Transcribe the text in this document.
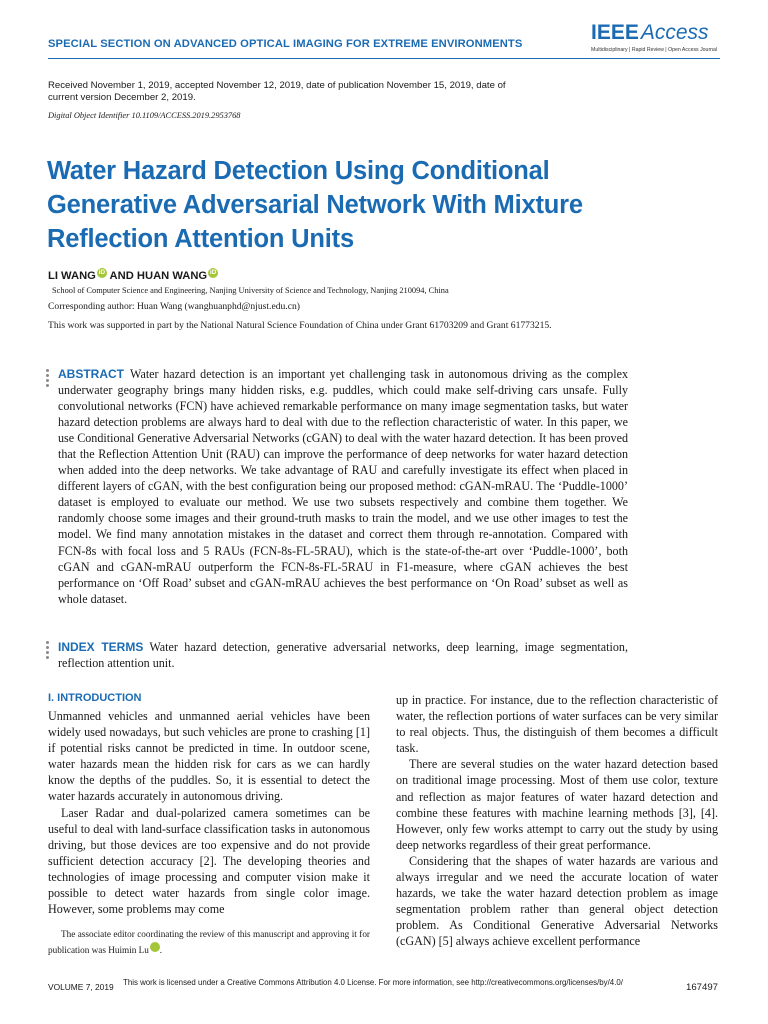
SPECIAL SECTION ON ADVANCED OPTICAL IMAGING FOR EXTREME ENVIRONMENTS	IEEEAccess
Multidisciplinary | Rapid Review | Open Access Journal
Received November 1, 2019, accepted November 12, 2019, date of publication November 15, 2019, date of current version December 2, 2019.
Digital Object Identifier 10.1109/ACCESS.2019.2953768
Water Hazard Detection Using Conditional Generative Adversarial Network With Mixture Reflection Attention Units
LI WANG iD AND HUAN WANG iD
School of Computer Science and Engineering, Nanjing University of Science and Technology, Nanjing 210094, China
Corresponding author: Huan Wang (wanghuanphd@njust.edu.cn)
This work was supported in part by the National Natural Science Foundation of China under Grant 61703209 and Grant 61773215.

ABSTRACT Water hazard detection is an important yet challenging task in autonomous driving as the complex underwater geography brings many hidden risks, e.g. puddles, which could make self-driving cars unsafe. Fully convolutional networks (FCN) have achieved remarkable performance on many image segmentation tasks, but water hazard detection problems are always hard to deal with due to the reflection characteristic of water. In this paper, we use Conditional Generative Adversarial Networks (cGAN) to deal with the water hazard detection. It has been proved that the Reflection Attention Unit (RAU) can improve the performance of deep networks for water hazard detection when added into the deep networks. We take advantage of RAU and carefully investigate its effect when placed in different layers of cGAN, with the best configuration being our proposed method: cGAN-mRAU. The ‘Puddle-1000’ dataset is employed to evaluate our method. We use two subsets respectively and combine them together. We randomly choose some images and their ground-truth masks to train the model, and we use other images to test the model. We find many annotation mistakes in the dataset and correct them through re-annotation. Compared with FCN-8s with focal loss and 5 RAUs (FCN-8s-FL-5RAU), which is the state-of-the-art over ‘Puddle-1000’, both cGAN and cGAN-mRAU outperform the FCN-8s-FL-5RAU in F1-measure, where cGAN achieves the best performance on ‘Off Road’ subset and cGAN-mRAU achieves the best performance on ‘On Road’ subset as well as whole dataset.

INDEX TERMS Water hazard detection, generative adversarial networks, deep learning, image segmentation, reflection attention unit.

I. INTRODUCTION

Unmanned vehicles and unmanned aerial vehicles have been widely used nowadays, but such vehicles are prone to crashing [1] if potential risks cannot be predicted in time. In outdoor scene, water hazards mean the hidden risk for cars as we can hardly know the depths of the puddles. So, it is essential to detect the water hazards accurately in autonomous driving.

Laser Radar and dual-polarized camera sometimes can be useful to deal with land-surface classification tasks in autonomous driving, but those devices are too expensive and do not provide sufficient detection accuracy [2]. The developing theories and technologies of image processing and computer vision make it possible to detect water hazards from single color image. However, some problems may come

up in practice. For instance, due to the reflection characteristic of water, the reflection portions of water surfaces can be very similar to real objects. Thus, the distinguish of them becomes a difficult task.

There are several studies on the water hazard detection based on traditional image processing. Most of them use color, texture and reflection as major features of water hazard detection and combine these features with machine learning methods [3], [4]. However, only few works attempt to carry out the study by using deep networks regardless of their great performance.

Considering that the shapes of water hazards are various and always irregular and we need the accurate location of water hazards, we take the water hazard detection problem as image segmentation problem rather than general object detection problem. As Conditional Generative Adversarial Networks (cGAN) [5] always achieve excellent performance

The associate editor coordinating the review of this manuscript and approving it for publication was Huimin Lu iD.

VOLUME 7, 2019 This work is licensed under a Creative Commons Attribution 4.0 License. For more information, see http://creativecommons.org/licenses/by/4.0/	167497
